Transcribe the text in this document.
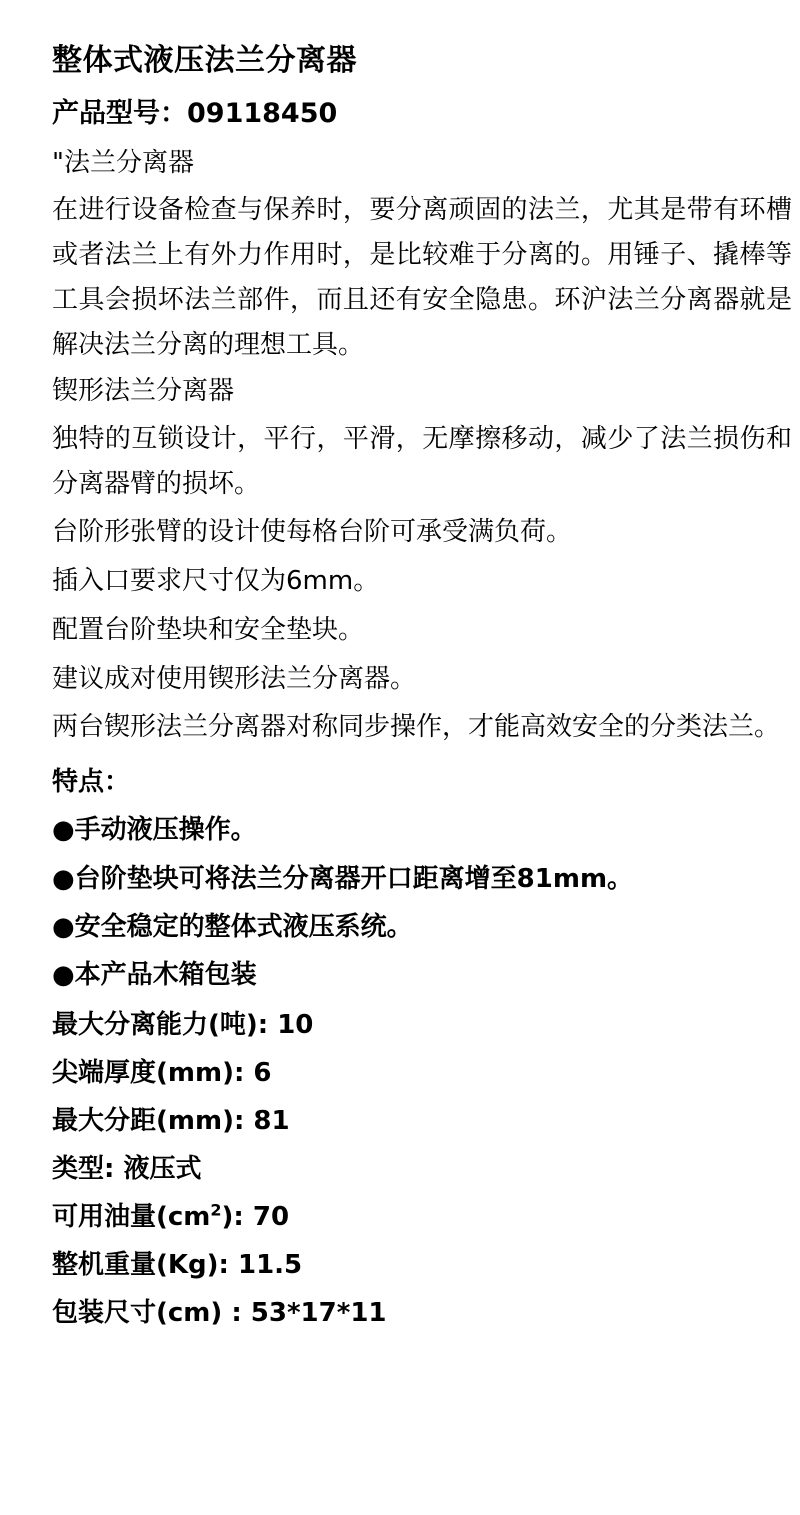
整体式液压法兰分离器
产品型号：09118450
"法兰分离器

在进行设备检查与保养时，要分离顽固的法兰，尤其是带有环槽或者法兰上有外力作用时，是比较难于分离的。用锤子、撬棒等工具会损坏法兰部件，而且还有安全隐患。环沪法兰分离器就是解决法兰分离的理想工具。

锲形法兰分离器

独特的互锁设计，平行，平滑，无摩擦移动，减少了法兰损伤和分离器臂的损坏。

台阶形张臂的设计使每格台阶可承受满负荷。

插入口要求尺寸仅为6mm。

配置台阶垫块和安全垫块。

建议成对使用锲形法兰分离器。

两台锲形法兰分离器对称同步操作，才能高效安全的分类法兰。

特点：
●手动液压操作。
●台阶垫块可将法兰分离器开口距离增至81mm。
●安全稳定的整体式液压系统。
●本产品木箱包装
最大分离能力(吨): 10
尖端厚度(mm): 6
最大分距(mm): 81
类型: 液压式
可用油量$(cm^2)$: 70
整机重量(Kg): 11.5
包装尺寸(cm) : 53*17*11
